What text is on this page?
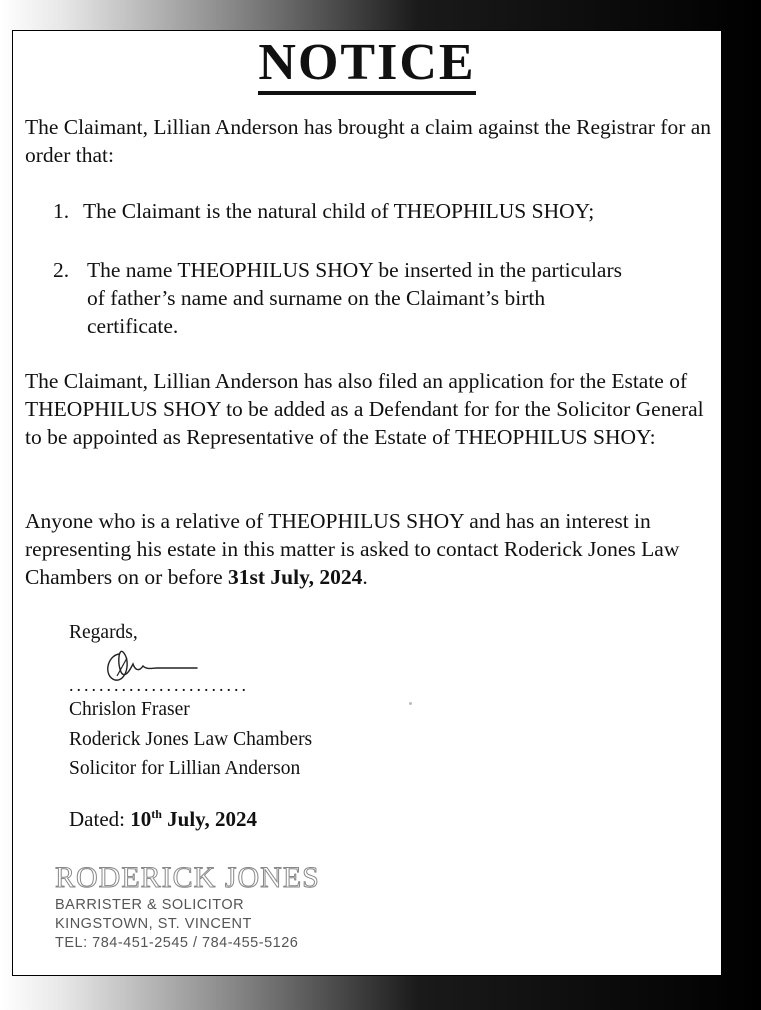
NOTICE

The Claimant, Lillian Anderson has brought a claim against the Registrar for an order that:

1. The Claimant is the natural child of THEOPHILUS SHOY;
2. The name THEOPHILUS SHOY be inserted in the particulars
of father’s name and surname on the Claimant’s birth
certificate.

The Claimant, Lillian Anderson has also filed an application for the Estate of THEOPHILUS SHOY to be added as a Defendant for for the Solicitor General to be appointed as Representative of the Estate of THEOPHILUS SHOY:

Anyone who is a relative of THEOPHILUS SHOY and has an interest in representing his estate in this matter is asked to contact Roderick Jones Law Chambers on or before 31st July, 2024.

Regards,
........................
Chrislon Fraser
Roderick Jones Law Chambers
Solicitor for Lillian Anderson
Dated: 10th July, 2024
RODERICK JONES
BARRISTER & SOLICITOR
KINGSTOWN, ST. VINCENT
TEL: 784-451-2545 / 784-455-5126
